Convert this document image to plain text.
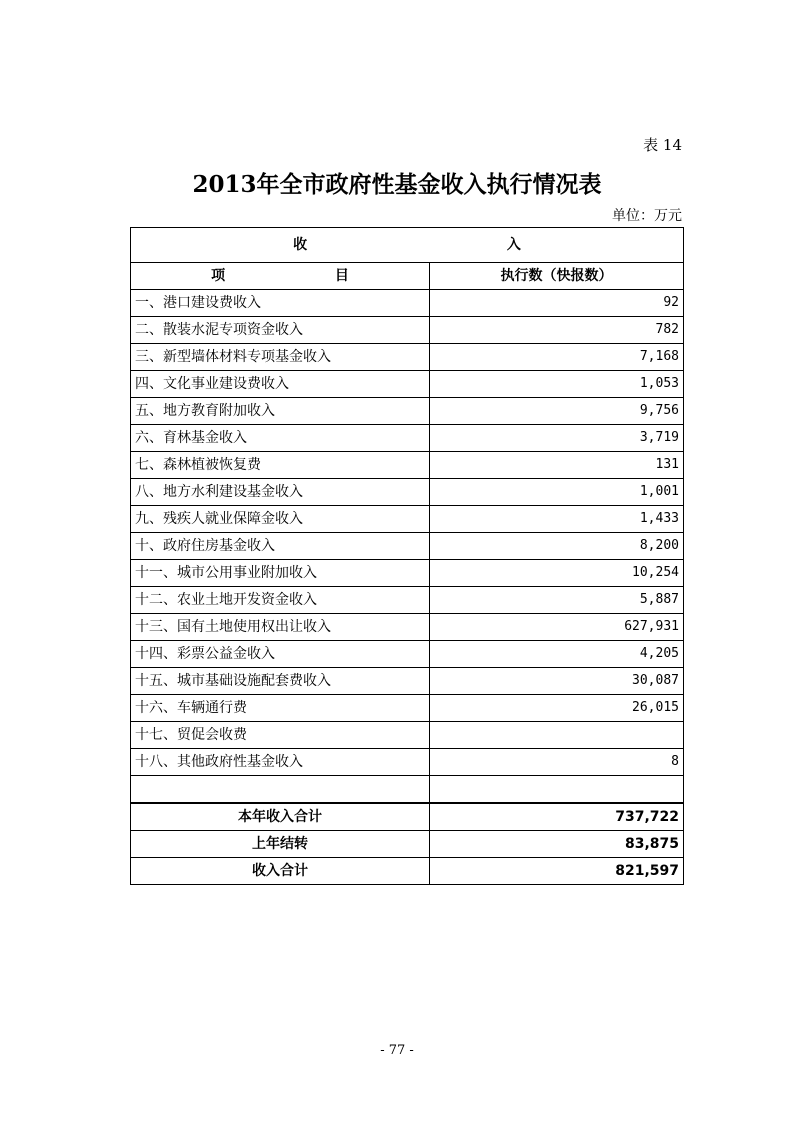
表 14
2013年全市政府性基金收入执行情况表
单位：万元
收 入	
项 目	执行数（快报数）
一、港口建设费收入	92
二、散装水泥专项资金收入	782
三、新型墙体材料专项基金收入	7,168
四、文化事业建设费收入	1,053
五、地方教育附加收入	9,756
六、育林基金收入	3,719
七、森林植被恢复费	131
八、地方水利建设基金收入	1,001
九、残疾人就业保障金收入	1,433
十、政府住房基金收入	8,200
十一、城市公用事业附加收入	10,254
十二、农业土地开发资金收入	5,887
十三、国有土地使用权出让收入	627,931
十四、彩票公益金收入	4,205
十五、城市基础设施配套费收入	30,087
十六、车辆通行费	26,015
十七、贸促会收费	
十八、其他政府性基金收入	8

本年收入合计	737,722
上年结转	83,875
收入合计	821,597
- 77 -
